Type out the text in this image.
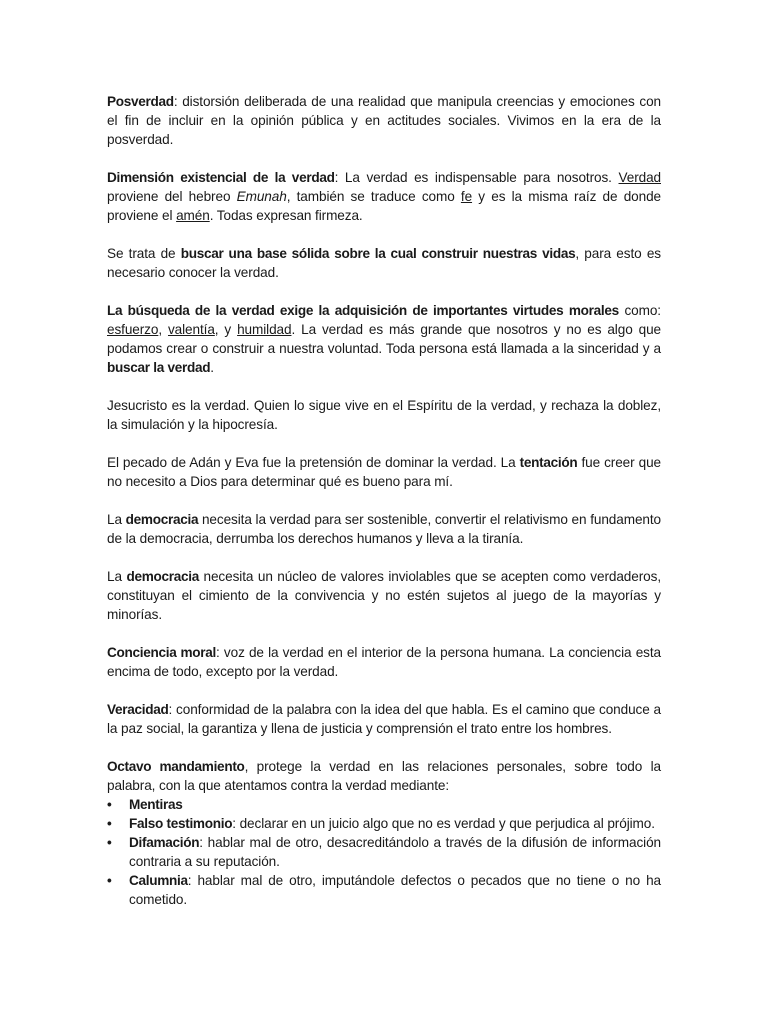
Posverdad: distorsión deliberada de una realidad que manipula creencias y emociones con el fin de incluir en la opinión pública y en actitudes sociales. Vivimos en la era de la posverdad.

Dimensión existencial de la verdad: La verdad es indispensable para nosotros. Verdad proviene del hebreo Emunah, también se traduce como fe y es la misma raíz de donde proviene el amén. Todas expresan firmeza.

Se trata de buscar una base sólida sobre la cual construir nuestras vidas, para esto es necesario conocer la verdad.

La búsqueda de la verdad exige la adquisición de importantes virtudes morales como: esfuerzo, valentía, y humildad. La verdad es más grande que nosotros y no es algo que podamos crear o construir a nuestra voluntad. Toda persona está llamada a la sinceridad y a buscar la verdad.

Jesucristo es la verdad. Quien lo sigue vive en el Espíritu de la verdad, y rechaza la doblez, la simulación y la hipocresía.

El pecado de Adán y Eva fue la pretensión de dominar la verdad. La tentación fue creer que no necesito a Dios para determinar qué es bueno para mí.

La democracia necesita la verdad para ser sostenible, convertir el relativismo en fundamento de la democracia, derrumba los derechos humanos y lleva a la tiranía.

La democracia necesita un núcleo de valores inviolables que se acepten como verdaderos, constituyan el cimiento de la convivencia y no estén sujetos al juego de la mayorías y minorías.

Conciencia moral: voz de la verdad en el interior de la persona humana. La conciencia esta encima de todo, excepto por la verdad.

Veracidad: conformidad de la palabra con la idea del que habla. Es el camino que conduce a la paz social, la garantiza y llena de justicia y comprensión el trato entre los hombres.

Octavo mandamiento, protege la verdad en las relaciones personales, sobre todo la palabra, con la que atentamos contra la verdad mediante:

• Mentiras
• Falso testimonio: declarar en un juicio algo que no es verdad y que perjudica al prójimo.
• Difamación: hablar mal de otro, desacreditándolo a través de la difusión de información contraria a su reputación.
• Calumnia: hablar mal de otro, imputándole defectos o pecados que no tiene o no ha cometido.
